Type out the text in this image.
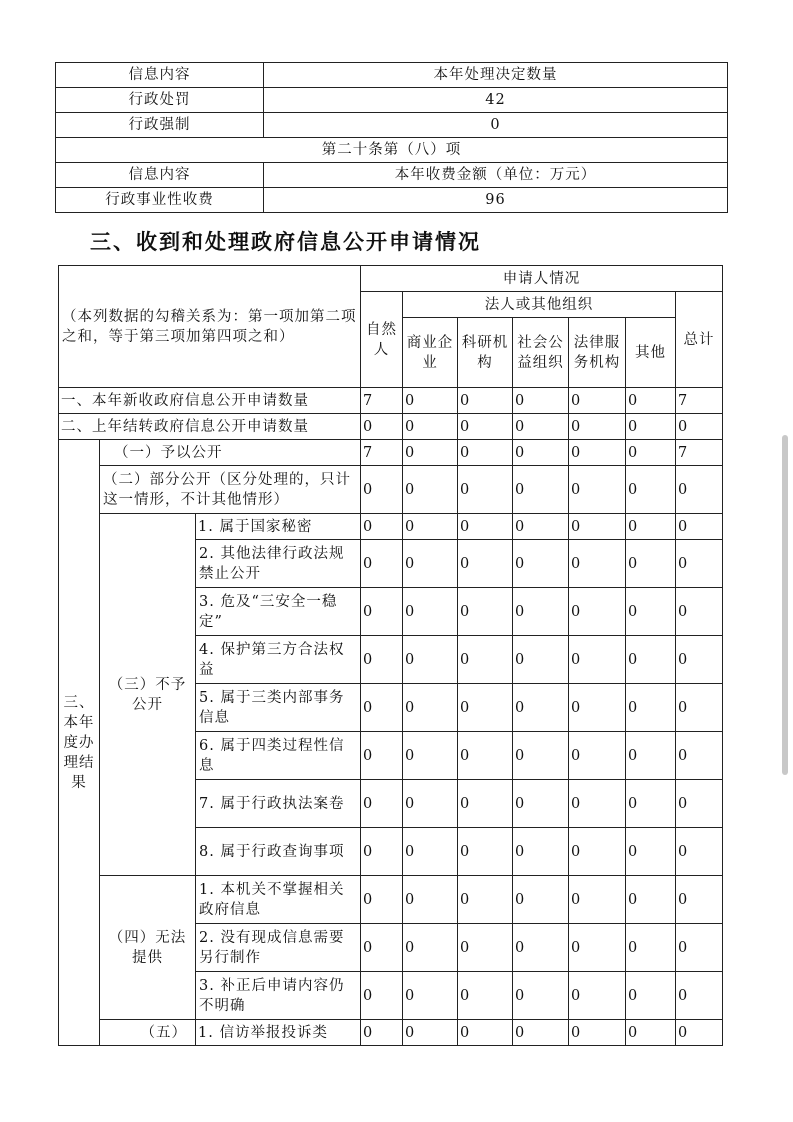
信息内容	本年处理决定数量
行政处罚	42
行政强制	0
第二十条第（八）项	
信息内容	本年收费金额（单位：万元）
行政事业性收费	96
三、收到和处理政府信息公开申请情况
（本列数据的勾稽关系为：第一项加第二项之和，等于第三项加第四项之和）			申请人情况						
			自然人	法人或其他组织					总计
				商业企业	科研机构	社会公益组织	法律服务机构	其他	
一、本年新收政府信息公开申请数量			7	0	0	0	0	0	7
二、上年结转政府信息公开申请数量			0	0	0	0	0	0	0
三、本年度办理结果	（一）予以公开		7	0	0	0	0	0	7
	（二）部分公开（区分处理的，只计这一情形，不计其他情形）		0	0	0	0	0	0	0
	（三）不予公开	1. 属于国家秘密	0	0	0	0	0	0	0
		2. 其他法律行政法规禁止公开	0	0	0	0	0	0	0
		3. 危及“三安全一稳定”	0	0	0	0	0	0	0
		4. 保护第三方合法权益	0	0	0	0	0	0	0
		5. 属于三类内部事务信息	0	0	0	0	0	0	0
		6. 属于四类过程性信息	0	0	0	0	0	0	0
		7. 属于行政执法案卷	0	0	0	0	0	0	0
		8. 属于行政查询事项	0	0	0	0	0	0	0
	（四）无法提供	1. 本机关不掌握相关政府信息	0	0	0	0	0	0	0
		2. 没有现成信息需要另行制作	0	0	0	0	0	0	0
		3. 补正后申请内容仍不明确	0	0	0	0	0	0	0
	（五）	1. 信访举报投诉类	0	0	0	0	0	0	0
